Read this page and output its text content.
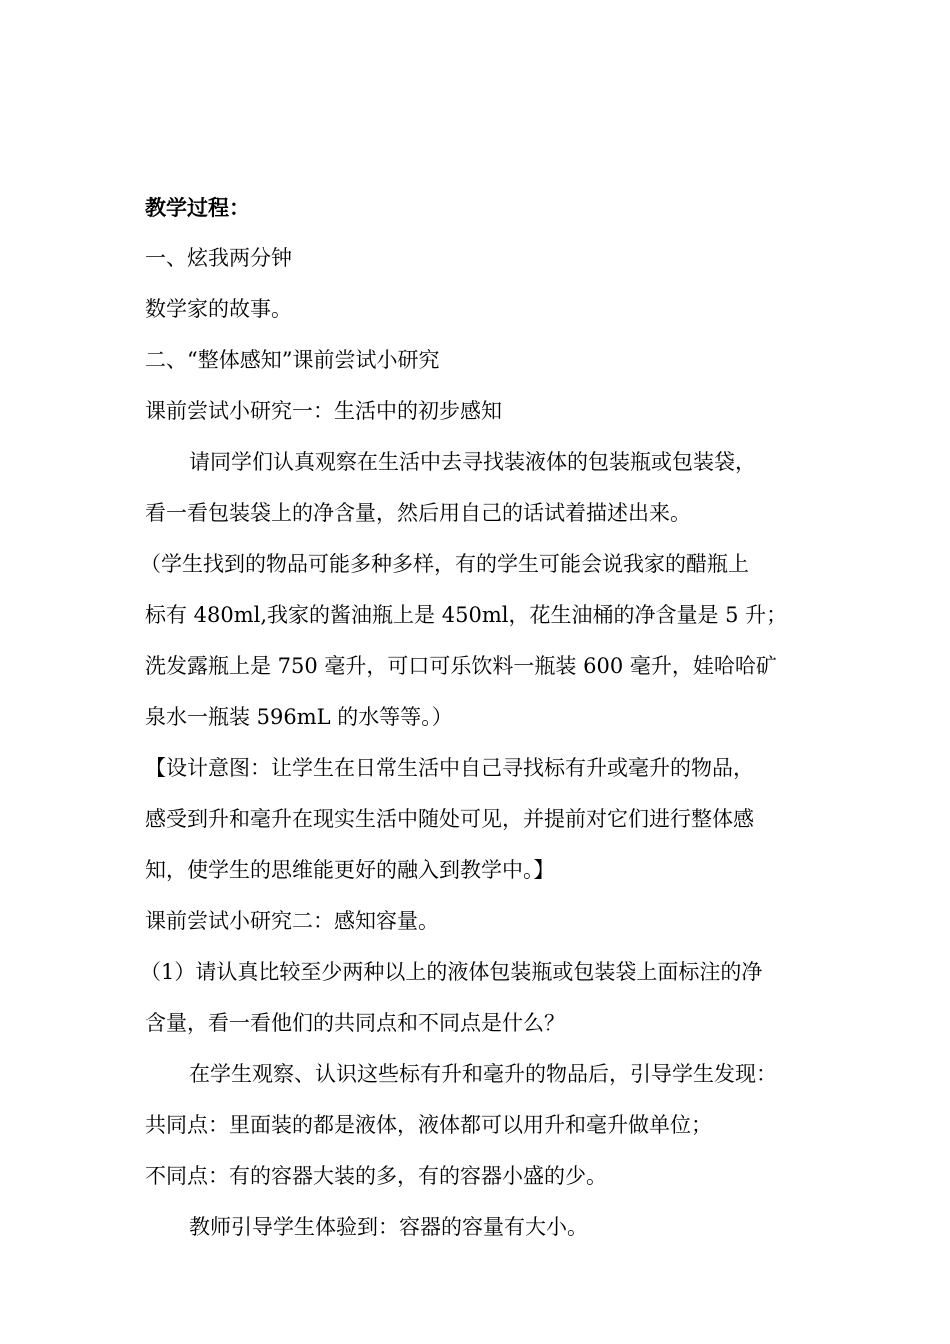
教学过程：
一、炫我两分钟
数学家的故事。
二、“整体感知”课前尝试小研究
课前尝试小研究一：生活中的初步感知
请同学们认真观察在生活中去寻找装液体的包装瓶或包装袋，
看一看包装袋上的净含量，然后用自己的话试着描述出来。
（学生找到的物品可能多种多样，有的学生可能会说我家的醋瓶上
标有 480ml,我家的酱油瓶上是 450ml，花生油桶的净含量是 5 升；
洗发露瓶上是 750 毫升，可口可乐饮料一瓶装 600 毫升，娃哈哈矿
泉水一瓶装 596mL 的水等等。）
【设计意图：让学生在日常生活中自己寻找标有升或毫升的物品，
感受到升和毫升在现实生活中随处可见，并提前对它们进行整体感
知，使学生的思维能更好的融入到教学中。】
课前尝试小研究二：感知容量。
（1）请认真比较至少两种以上的液体包装瓶或包装袋上面标注的净
含量，看一看他们的共同点和不同点是什么？
在学生观察、认识这些标有升和毫升的物品后，引导学生发现：
共同点：里面装的都是液体，液体都可以用升和毫升做单位；
不同点：有的容器大装的多，有的容器小盛的少。
教师引导学生体验到：容器的容量有大小。
